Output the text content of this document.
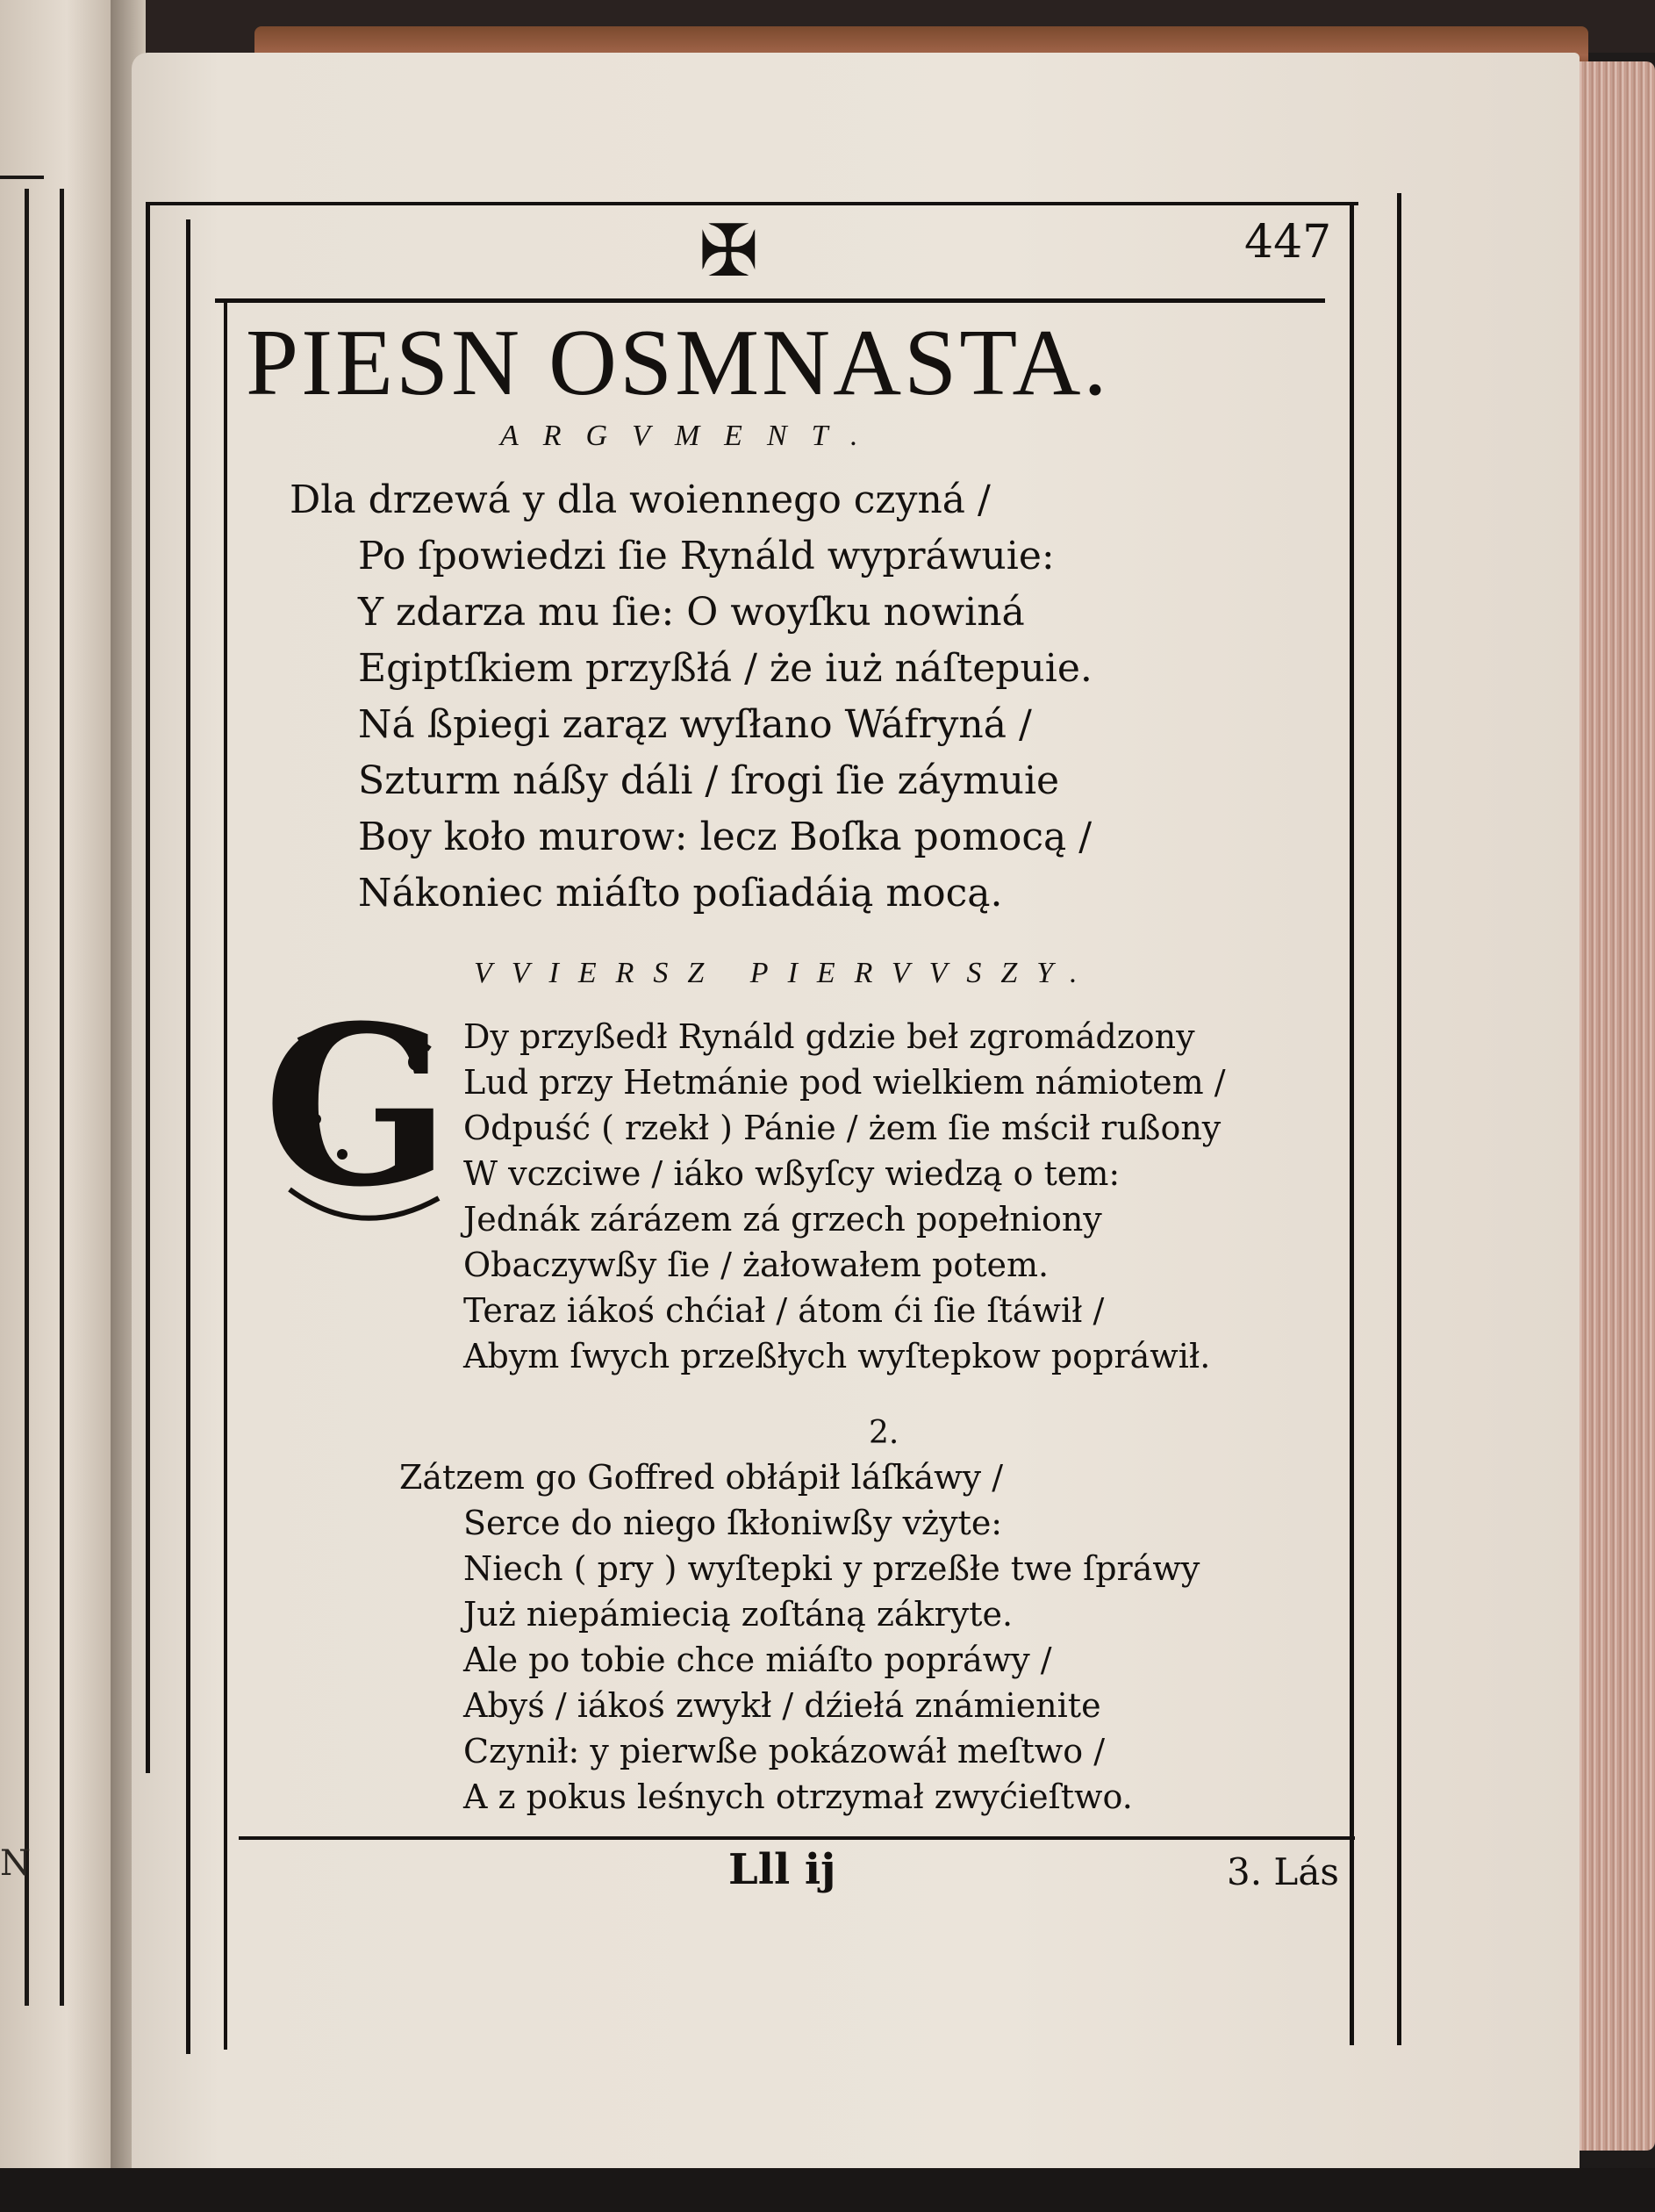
N
✠	447
PIESN OSMNASTA.
ARGVMENT.
Dla drzewá y dla woiennego czyná /
Po ſpowiedzi ſie Rynáld wypráwuie:
Y zdarza mu ſie: O woyſku nowiná
Egiptſkiem przyßłá / że iuż náſtepuie.
Ná ßpiegi zarąz wyſłano Wáfryná /
Szturm náßy dáli / ſrogi ſie záymuie
Boy koło murow: lecz Boſka pomocą /
Nákoniec miáſto poſiadáią mocą.
VVIERSZ PIERVVSZY.
G Dy przyßedł Rynáld gdzie beł zgromádzony
Lud przy Hetmánie pod wielkiem námiotem /
Odpuść ( rzekł ) Pánie / żem ſie mścił rußony
W vczciwe / iáko wßyſcy wiedzą o tem:
Jednák zárázem zá grzech popełniony
Obaczywßy ſie / żałowałem potem.
Teraz iákoś chćiał / átom ći ſie ſtáwił /
Abym ſwych przeßłych wyſtepkow popráwił.
2.
Zátzem go Goffred obłápił láſkáwy /
Serce do niego ſkłoniwßy vżyte:
Niech ( pry ) wyſtepki y przeßłe twe ſpráwy
Już niepámiecią zoſtáną zákryte.
Ale po tobie chce miáſto popráwy /
Abyś / iákoś zwykł / dźiełá známienite
Czynił: y pierwße pokázowáł meſtwo /
A z pokus leśnych otrzymał zwyćieſtwo.
Lll ij	3. Lás
